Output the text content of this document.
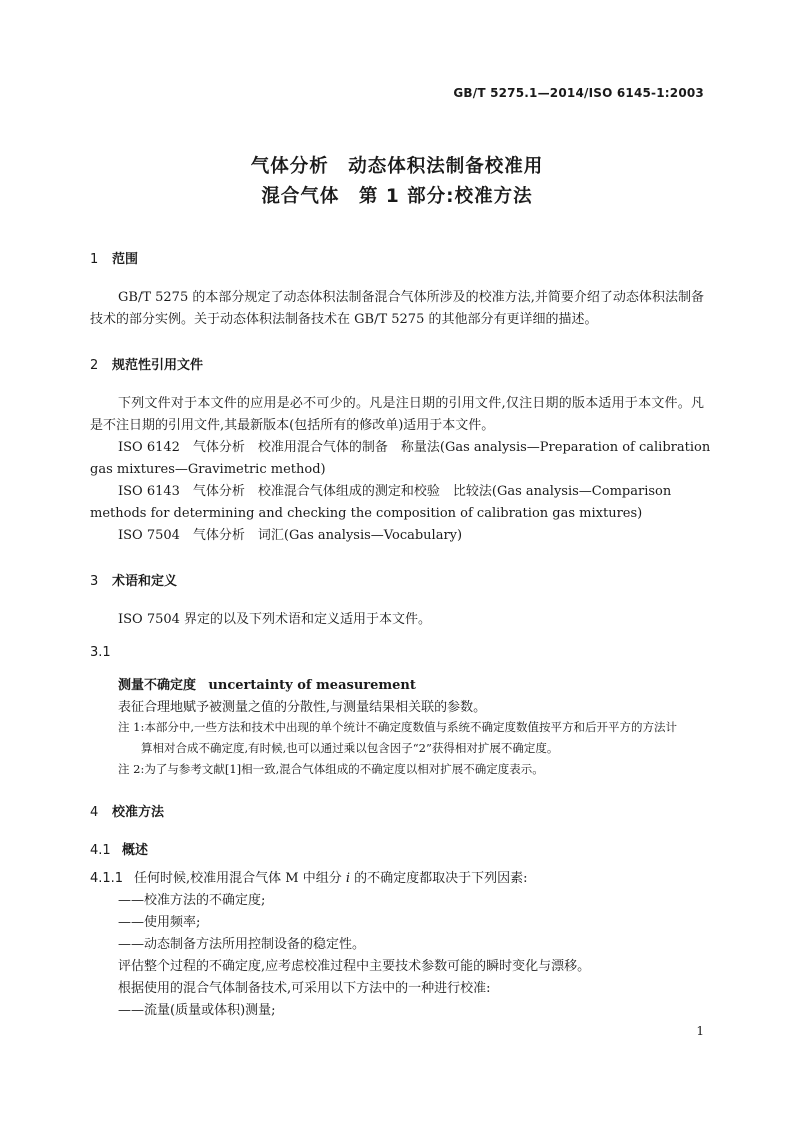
GB/T 5275.1—2014/ISO 6145-1:2003
气体分析　动态体积法制备校准用
混合气体　第 1 部分:校准方法
1 范围
GB/T 5275 的本部分规定了动态体积法制备混合气体所涉及的校准方法,并简要介绍了动态体积法制备技术的部分实例。关于动态体积法制备技术在 GB/T 5275 的其他部分有更详细的描述。
2 规范性引用文件
下列文件对于本文件的应用是必不可少的。凡是注日期的引用文件,仅注日期的版本适用于本文件。凡是不注日期的引用文件,其最新版本(包括所有的修改单)适用于本文件。
ISO 6142　气体分析　校准用混合气体的制备　称量法(Gas analysis—Preparation of calibration
gas mixtures—Gravimetric method)
ISO 6143　气体分析　校准混合气体组成的测定和校验　比较法(Gas analysis—Comparison
methods for determining and checking the composition of calibration gas mixtures)
ISO 7504　气体分析　词汇(Gas analysis—Vocabulary)
3 术语和定义
ISO 7504 界定的以及下列术语和定义适用于本文件。
3.1
测量不确定度 uncertainty of measurement
表征合理地赋予被测量之值的分散性,与测量结果相关联的参数。
注 1:本部分中,一些方法和技术中出现的单个统计不确定度数值与系统不确定度数值按平方和后开平方的方法计
算相对合成不确定度,有时候,也可以通过乘以包含因子“2”获得相对扩展不确定度。
注 2:为了与参考文献[1]相一致,混合气体组成的不确定度以相对扩展不确定度表示。
4 校准方法
4.1 概述
4.1.1 任何时候,校准用混合气体 M 中组分 i 的不确定度都取决于下列因素:
——校准方法的不确定度;
——使用频率;
——动态制备方法所用控制设备的稳定性。
评估整个过程的不确定度,应考虑校准过程中主要技术参数可能的瞬时变化与漂移。
根据使用的混合气体制备技术,可采用以下方法中的一种进行校准:
——流量(质量或体积)测量;
1
